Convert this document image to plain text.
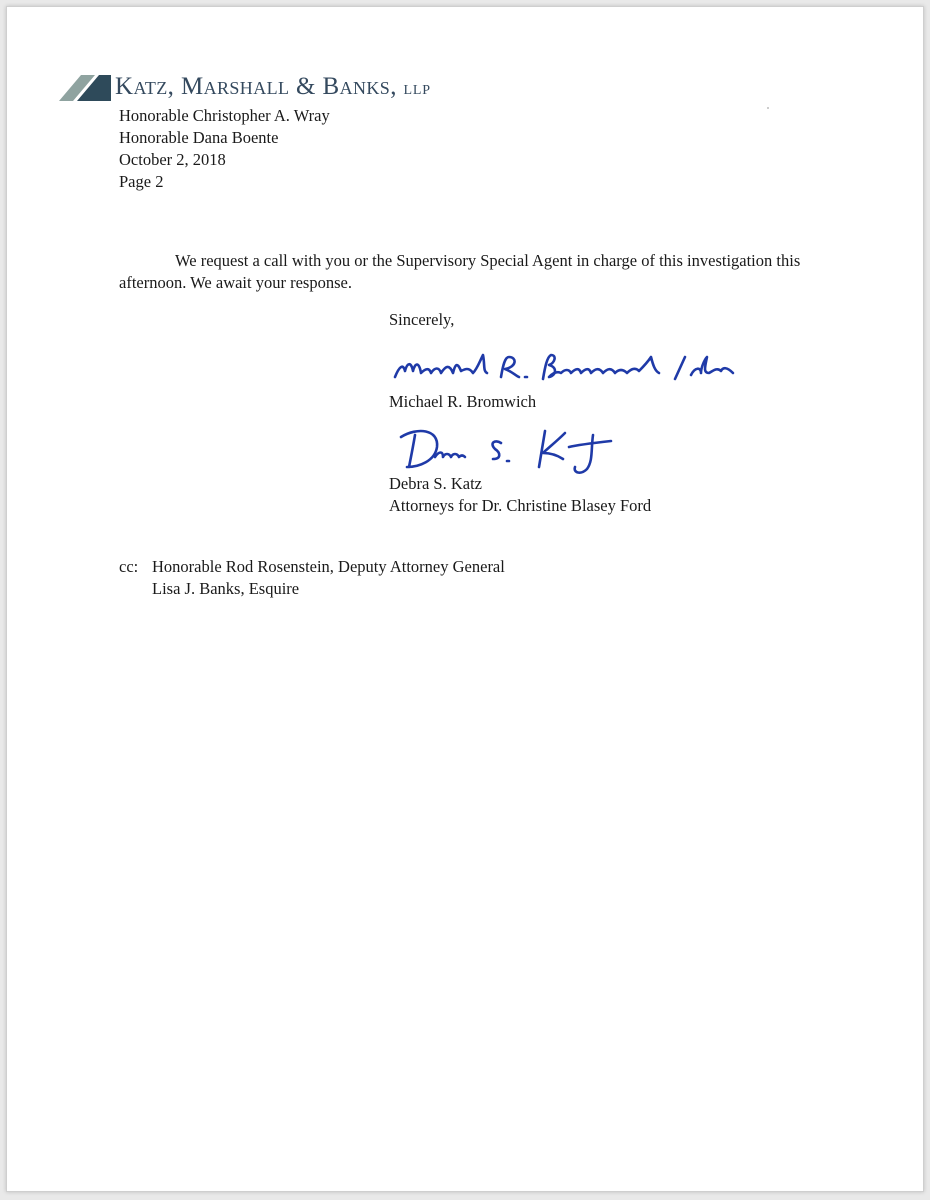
Katz, Marshall & Banks, LLP
Honorable Christopher A. Wray
Honorable Dana Boente
October 2, 2018
Page 2

We request a call with you or the Supervisory Special Agent in charge of this investigation this afternoon. We await your response.

Sincerely,
Michael R. Bromwich
Debra S. Katz
Attorneys for Dr. Christine Blasey Ford
cc: Honorable Rod Rosenstein, Deputy Attorney General
Lisa J. Banks, Esquire
